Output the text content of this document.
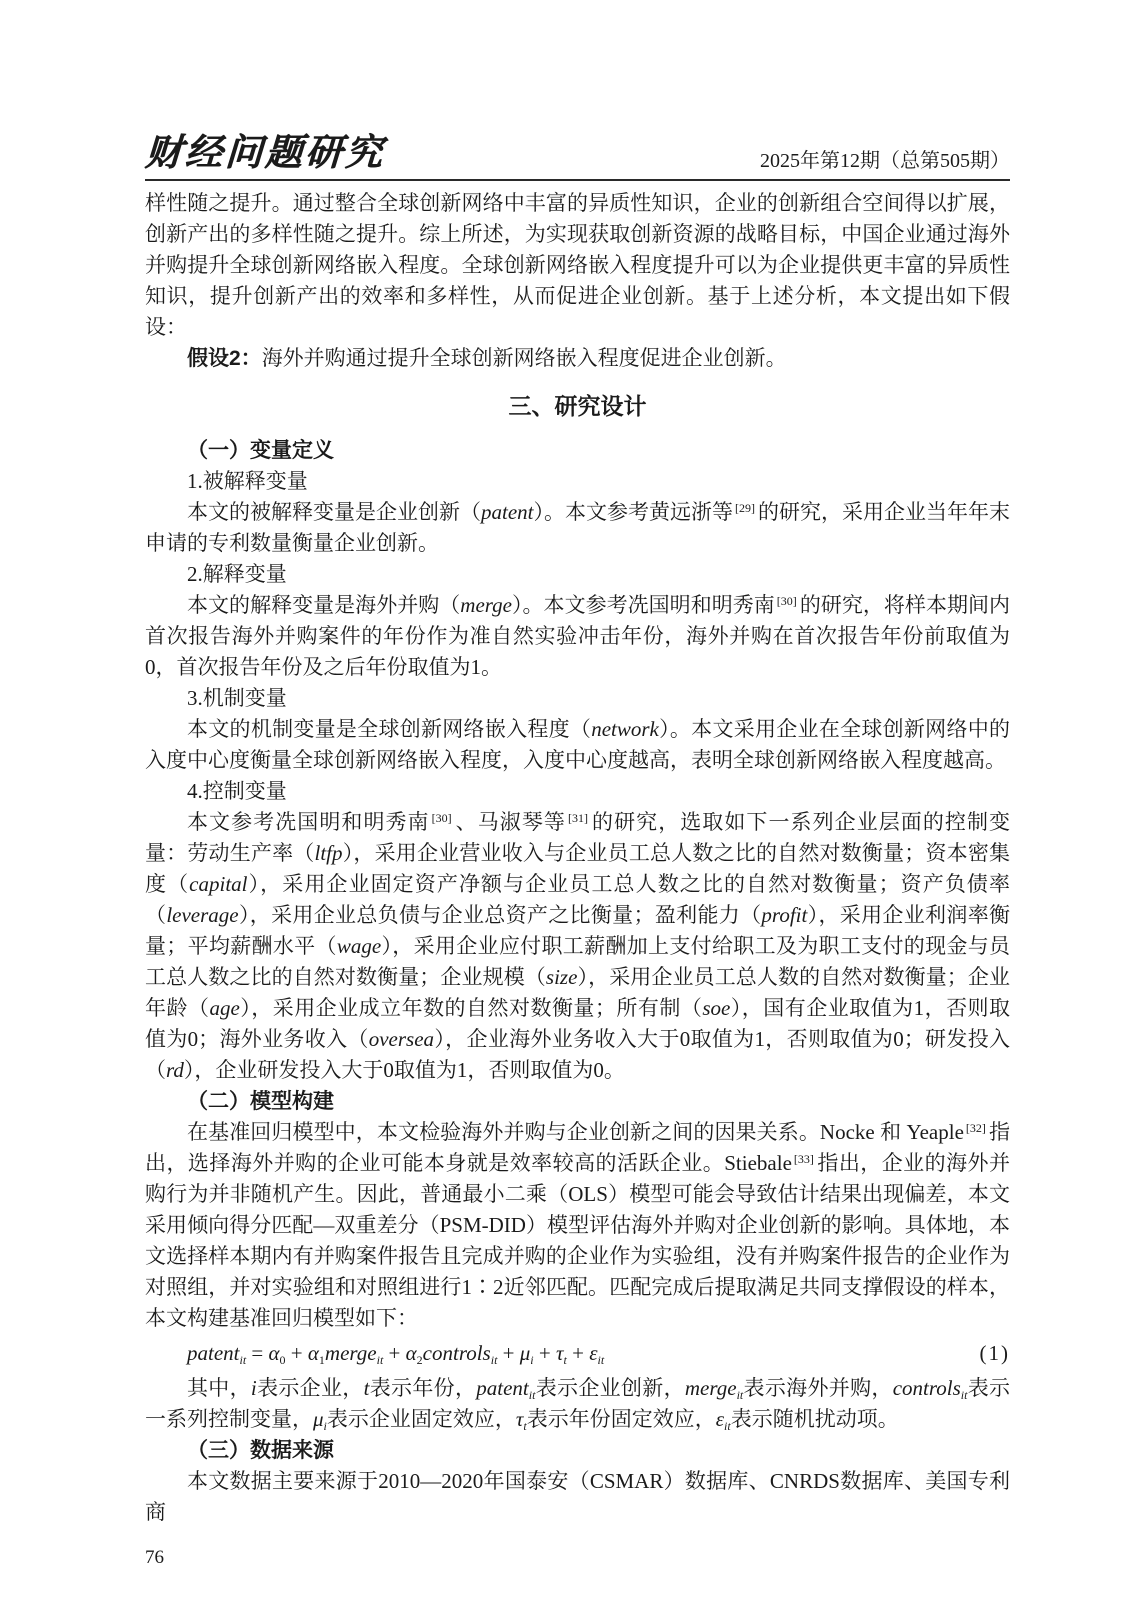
财经问题研究	2025年第12期（总第505期）
样性随之提升。通过整合全球创新网络中丰富的异质性知识，企业的创新组合空间得以扩展，创新产出的多样性随之提升。综上所述，为实现获取创新资源的战略目标，中国企业通过海外并购提升全球创新网络嵌入程度。全球创新网络嵌入程度提升可以为企业提供更丰富的异质性知识，提升创新产出的效率和多样性，从而促进企业创新。基于上述分析，本文提出如下假设：
假设2：海外并购通过提升全球创新网络嵌入程度促进企业创新。
三、研究设计
（一）变量定义
1.被解释变量
本文的被解释变量是企业创新（patent）。本文参考黄远浙等 [29] 的研究，采用企业当年年末申请的专利数量衡量企业创新。
2.解释变量
本文的解释变量是海外并购（merge）。本文参考冼国明和明秀南 [30] 的研究，将样本期间内首次报告海外并购案件的年份作为准自然实验冲击年份，海外并购在首次报告年份前取值为0，首次报告年份及之后年份取值为1。
3.机制变量
本文的机制变量是全球创新网络嵌入程度（network）。本文采用企业在全球创新网络中的入度中心度衡量全球创新网络嵌入程度，入度中心度越高，表明全球创新网络嵌入程度越高。
4.控制变量
本文参考冼国明和明秀南 [30] 、马淑琴等 [31] 的研究，选取如下一系列企业层面的控制变量：劳动生产率（ltfp），采用企业营业收入与企业员工总人数之比的自然对数衡量；资本密集度（capital），采用企业固定资产净额与企业员工总人数之比的自然对数衡量；资产负债率（leverage），采用企业总负债与企业总资产之比衡量；盈利能力（profit），采用企业利润率衡量；平均薪酬水平（wage），采用企业应付职工薪酬加上支付给职工及为职工支付的现金与员工总人数之比的自然对数衡量；企业规模（size），采用企业员工总人数的自然对数衡量；企业年龄（age），采用企业成立年数的自然对数衡量；所有制（soe），国有企业取值为1，否则取值为0；海外业务收入（oversea），企业海外业务收入大于0取值为1，否则取值为0；研发投入（rd），企业研发投入大于0取值为1，否则取值为0。
（二）模型构建
在基准回归模型中，本文检验海外并购与企业创新之间的因果关系。Nocke 和 Yeaple [32] 指出，选择海外并购的企业可能本身就是效率较高的活跃企业。Stiebale [33] 指出，企业的海外并购行为并非随机产生。因此，普通最小二乘（OLS）模型可能会导致估计结果出现偏差，本文采用倾向得分匹配—双重差分（PSM-DID）模型评估海外并购对企业创新的影响。具体地，本文选择样本期内有并购案件报告且完成并购的企业作为实验组，没有并购案件报告的企业作为对照组，并对实验组和对照组进行1∶2近邻匹配。匹配完成后提取满足共同支撑假设的样本，本文构建基准回归模型如下：
patentit = α0 + α1mergeit + α2controlsit + μi + τt + εit	(1)
其中，i表示企业，t表示年份，patentit表示企业创新，mergeit表示海外并购，controlsit表示一系列控制变量，μi表示企业固定效应，τt表示年份固定效应，εit表示随机扰动项。
（三）数据来源
本文数据主要来源于2010—2020年国泰安（CSMAR）数据库、CNRDS数据库、美国专利商
76
